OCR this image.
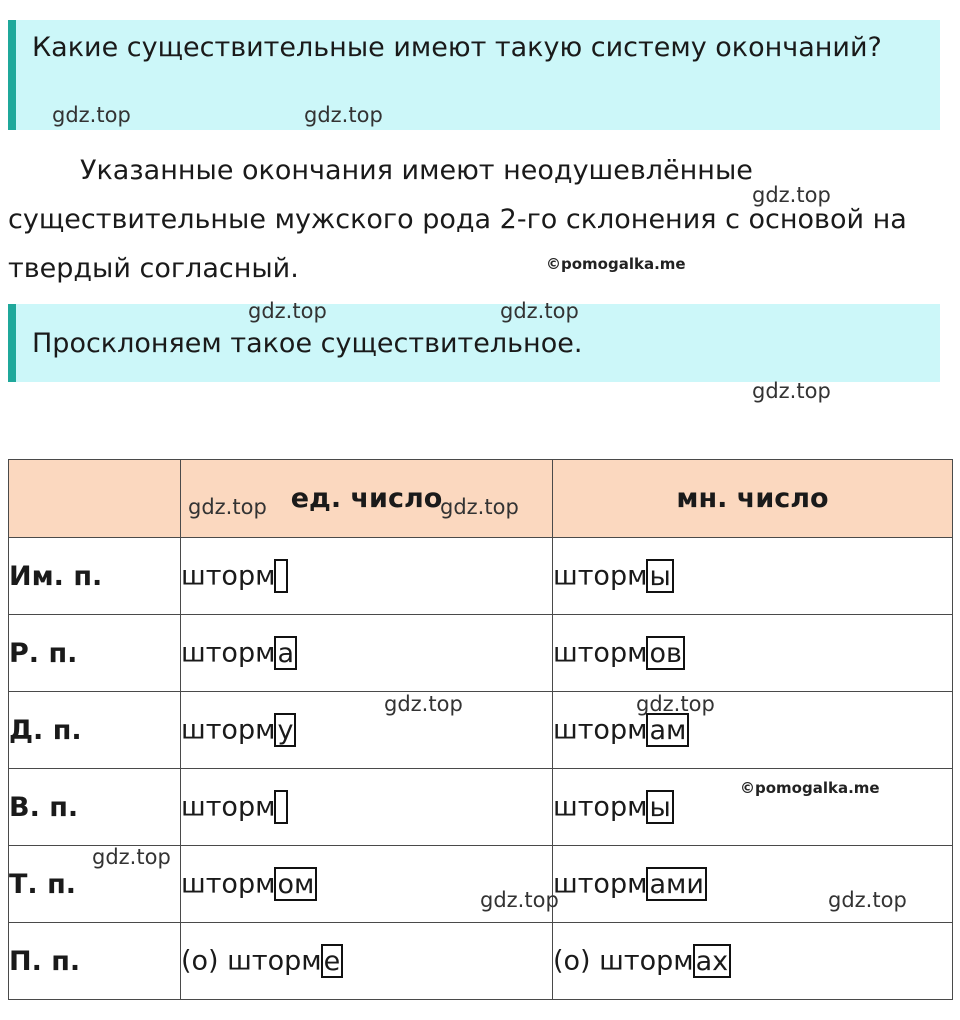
Какие существительные имеют такую систему окончаний?
Указанные окончания имеют неодушевлённые существительные мужского рода 2-го склонения с основой на твердый согласный.
Просклоняем такое существительное.
	ед. число	мн. число
Им. п.	шторм	штормы
Р. п.	шторма	штормов
Д. п.	шторму	штормам
В. п.	шторм	штормы
Т. п.	штормом	штормами
П. п.	(о) шторме	(о) штормах
gdz.top	gdz.top
gdz.top
gdz.top	gdz.top
gdz.top
gdz.top	gdz.top
gdz.top	gdz.top
gdz.top
gdz.top	gdz.top
©pomogalka.me
©pomogalka.me
